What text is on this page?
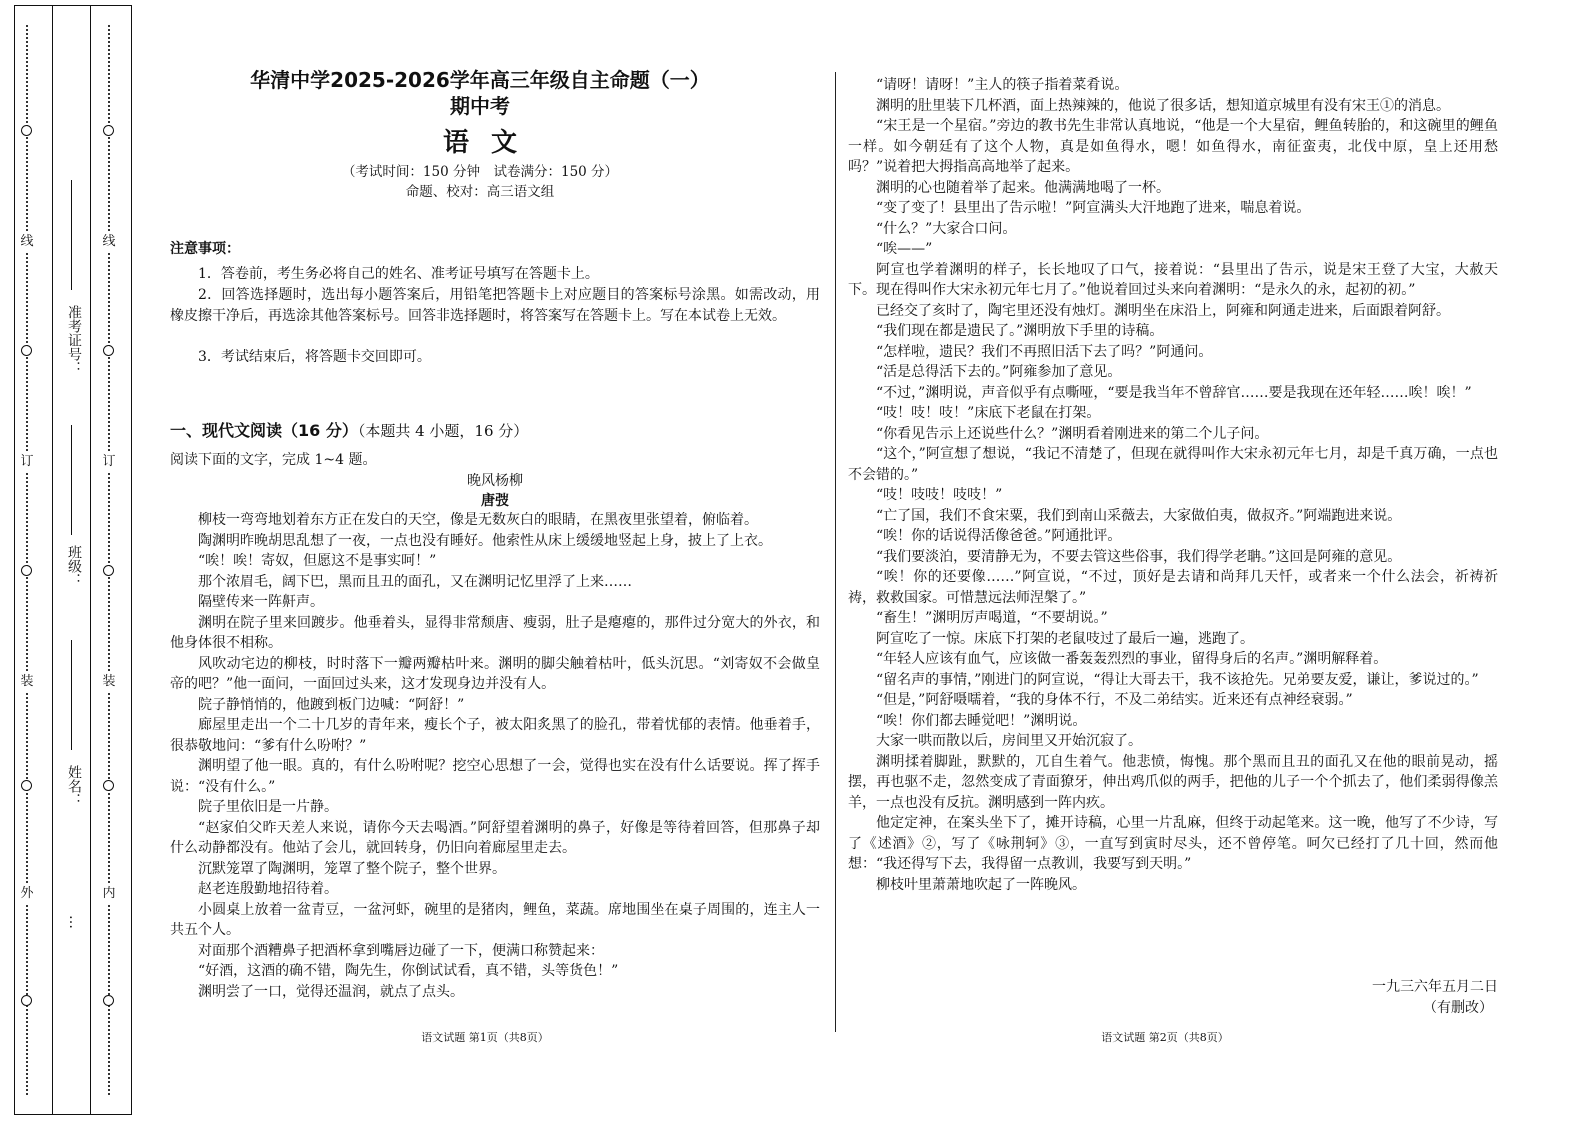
线
订
装
外
线
订
装
内
准考证号：
班级：
姓名：
…
华清中学2025-2026学年高三年级自主命题（一）
期中考
语文
（考试时间：150 分钟　试卷满分：150 分）
命题、校对：高三语文组
注意事项：
1．答卷前，考生务必将自己的姓名、准考证号填写在答题卡上。
2．回答选择题时，选出每小题答案后，用铅笔把答题卡上对应题目的答案标号涂黑。如需改动，用橡皮擦干净后，再选涂其他答案标号。回答非选择题时，将答案写在答题卡上。写在本试卷上无效。
3．考试结束后，将答题卡交回即可。
一、现代文阅读（16 分）（本题共 4 小题，16 分）
阅读下面的文字，完成 1~4 题。
晚风杨柳
唐弢
柳枝一弯弯地划着东方正在发白的天空，像是无数灰白的眼睛，在黑夜里张望着，俯临着。
陶渊明昨晚胡思乱想了一夜，一点也没有睡好。他索性从床上缓缓地竖起上身，披上了上衣。
“唉！唉！寄奴，但愿这不是事实呵！”
那个浓眉毛，阔下巴，黑而且丑的面孔，又在渊明记忆里浮了上来……
隔壁传来一阵鼾声。
渊明在院子里来回踱步。他垂着头，显得非常颓唐、瘦弱，肚子是瘪瘪的，那件过分宽大的外衣，和他身体很不相称。
风吹动宅边的柳枝，时时落下一瓣两瓣枯叶来。渊明的脚尖触着枯叶，低头沉思。“刘寄奴不会做皇帝的吧？”他一面问，一面回过头来，这才发现身边并没有人。
院子静悄悄的，他踱到板门边喊：“阿舒！”
廊屋里走出一个二十几岁的青年来，瘦长个子，被太阳炙黑了的脸孔，带着忧郁的表情。他垂着手，很恭敬地问：“爹有什么吩咐？”
渊明望了他一眼。真的，有什么吩咐呢？挖空心思想了一会，觉得也实在没有什么话要说。挥了挥手说：“没有什么。”
院子里依旧是一片静。
“赵家伯父昨天差人来说，请你今天去喝酒。”阿舒望着渊明的鼻子，好像是等待着回答，但那鼻子却什么动静都没有。他站了会儿，就回转身，仍旧向着廊屋里走去。
沉默笼罩了陶渊明，笼罩了整个院子，整个世界。
赵老连殷勤地招待着。
小圆桌上放着一盆青豆，一盆河虾，碗里的是猪肉，鲤鱼，菜蔬。席地围坐在桌子周围的，连主人一共五个人。
对面那个酒糟鼻子把酒杯拿到嘴唇边碰了一下，便满口称赞起来：
“好酒，这酒的确不错，陶先生，你倒试试看，真不错，头等货色！”
渊明尝了一口，觉得还温润，就点了点头。
“请呀！请呀！”主人的筷子指着菜肴说。
渊明的肚里装下几杯酒，面上热辣辣的，他说了很多话，想知道京城里有没有宋王①的消息。
“宋王是一个星宿。”旁边的教书先生非常认真地说，“他是一个大星宿，鲤鱼转胎的，和这碗里的鲤鱼一样。如今朝廷有了这个人物，真是如鱼得水，嗯！如鱼得水，南征蛮夷，北伐中原，皇上还用愁吗？”说着把大拇指高高地举了起来。
渊明的心也随着举了起来。他满满地喝了一杯。
“变了变了！县里出了告示啦！”阿宣满头大汗地跑了进来，喘息着说。
“什么？”大家合口问。
“唉——”
阿宣也学着渊明的样子，长长地叹了口气，接着说：“县里出了告示，说是宋王登了大宝，大赦天下。现在得叫作大宋永初元年七月了。”他说着回过头来向着渊明：“是永久的永，起初的初。”
已经交了亥时了，陶宅里还没有烛灯。渊明坐在床沿上，阿雍和阿通走进来，后面跟着阿舒。
“我们现在都是遗民了。”渊明放下手里的诗稿。
“怎样啦，遗民？我们不再照旧活下去了吗？”阿通问。
“活是总得活下去的。”阿雍参加了意见。
“不过，”渊明说，声音似乎有点嘶哑，“要是我当年不曾辞官……要是我现在还年轻……唉！唉！”
“吱！吱！吱！”床底下老鼠在打架。
“你看见告示上还说些什么？”渊明看着刚进来的第二个儿子问。
“这个，”阿宣想了想说，“我记不清楚了，但现在就得叫作大宋永初元年七月，却是千真万确，一点也不会错的。”
“吱！吱吱！吱吱！”
“亡了国，我们不食宋粟，我们到南山采薇去，大家做伯夷，做叔齐。”阿端跑进来说。
“唉！你的话说得活像爸爸。”阿通批评。
“我们要淡泊，要清静无为，不要去管这些俗事，我们得学老聃。”这回是阿雍的意见。
“唉！你的还要像……”阿宣说，“不过，顶好是去请和尚拜几天忏，或者来一个什么法会，祈祷祈祷，救救国家。可惜慧远法师涅槃了。”
“畜生！”渊明厉声喝道，“不要胡说。”
阿宣吃了一惊。床底下打架的老鼠吱过了最后一遍，逃跑了。
“年轻人应该有血气，应该做一番轰轰烈烈的事业，留得身后的名声。”渊明解释着。
“留名声的事情，”刚进门的阿宣说，“得让大哥去干，我不该抢先。兄弟要友爱，谦让，爹说过的。”
“但是，”阿舒嗫嚅着，“我的身体不行，不及二弟结实。近来还有点神经衰弱。”
“唉！你们都去睡觉吧！”渊明说。
大家一哄而散以后，房间里又开始沉寂了。
渊明揉着脚趾，默默的，兀自生着气。他悲愤，悔愧。那个黑而且丑的面孔又在他的眼前晃动，摇摆，再也驱不走，忽然变成了青面獠牙，伸出鸡爪似的两手，把他的儿子一个个抓去了，他们柔弱得像羔羊，一点也没有反抗。渊明感到一阵内疚。
他定定神，在案头坐下了，摊开诗稿，心里一片乱麻，但终于动起笔来。这一晚，他写了不少诗，写了《述酒》②，写了《咏荆轲》③，一直写到寅时尽头，还不曾停笔。呵欠已经打了几十回，然而他想：“我还得写下去，我得留一点教训，我要写到天明。”
柳枝叶里萧萧地吹起了一阵晚风。
一九三六年五月二日
（有删改）
语文试题 第1页（共8页）	语文试题 第2页（共8页）
